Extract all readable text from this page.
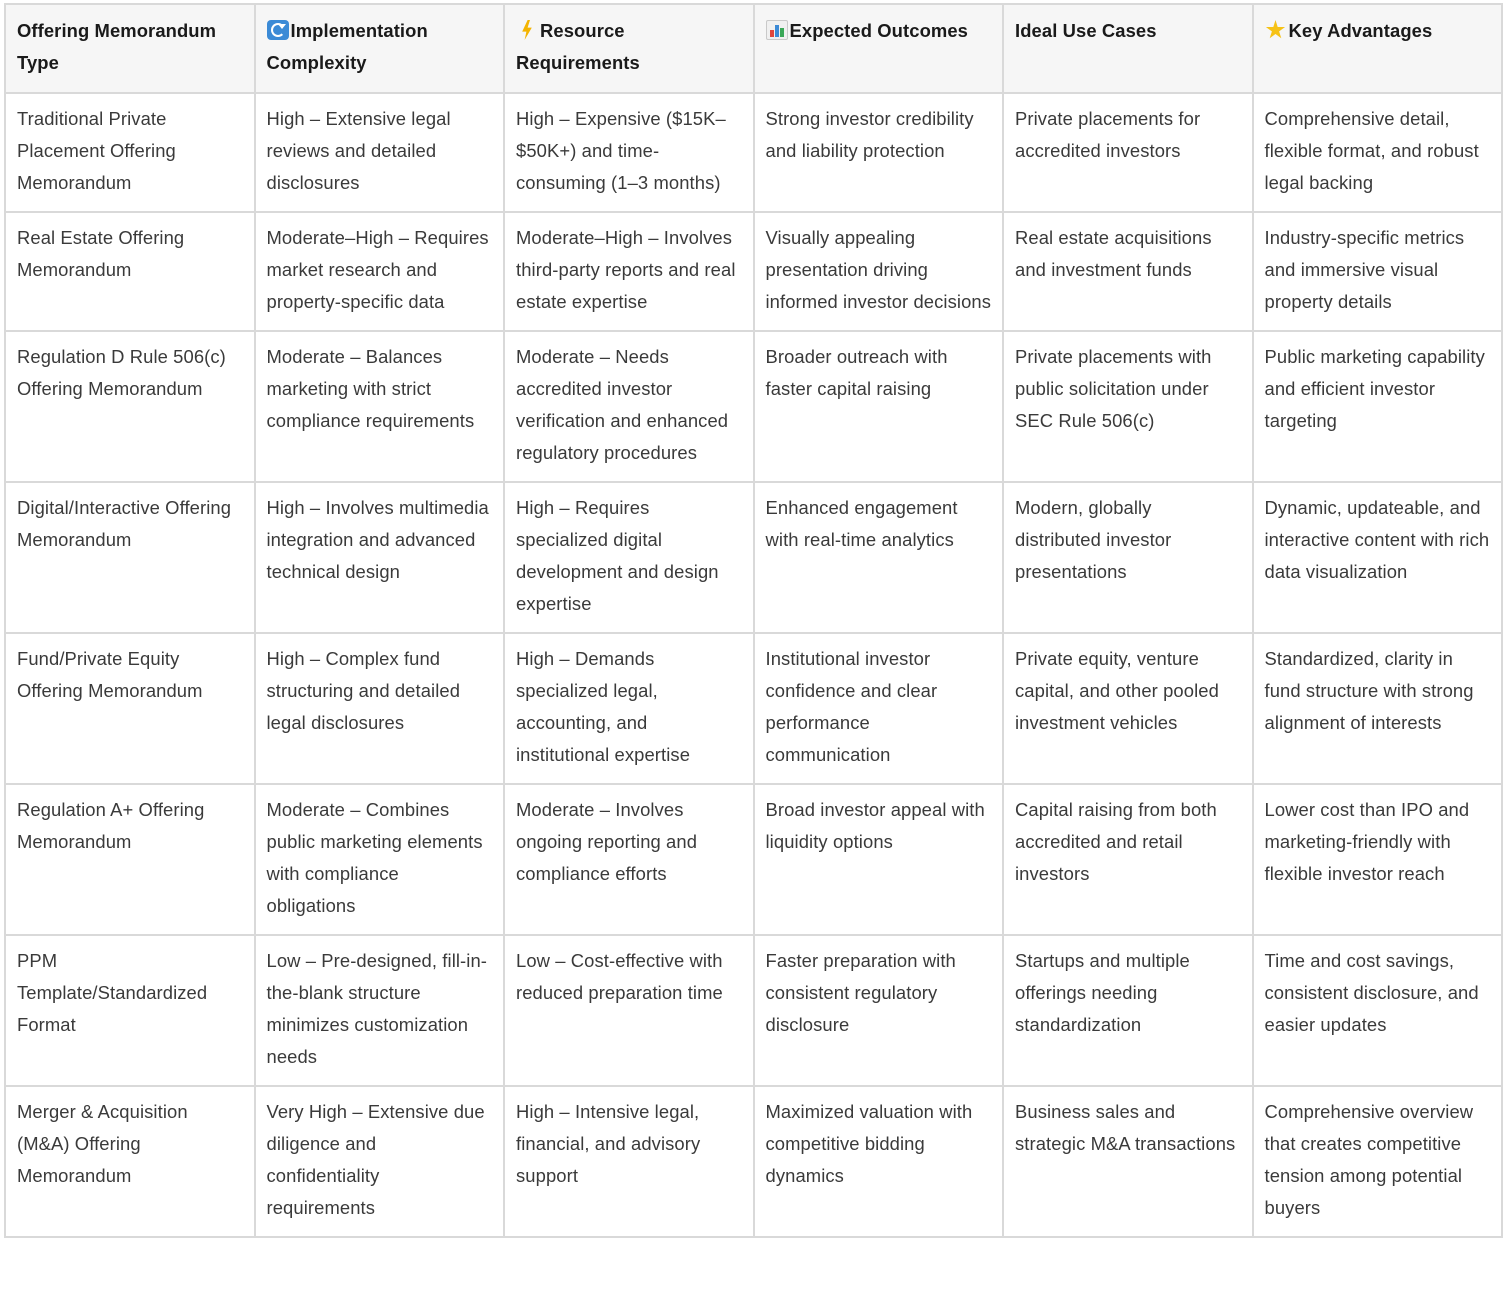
Offering Memorandum Type	Implementation Complexity	Resource Requirements	Expected Outcomes	Ideal Use Cases	Key Advantages
Traditional Private Placement Offering Memorandum	High – Extensive legal reviews and detailed disclosures	High – Expensive ($15K–$50K+) and time-consuming (1–3 months)	Strong investor credibility and liability protection	Private placements for accredited investors	Comprehensive detail, flexible format, and robust legal backing
Real Estate Offering Memorandum	Moderate–High – Requires market research and property-specific data	Moderate–High – Involves third-party reports and real estate expertise	Visually appealing presentation driving informed investor decisions	Real estate acquisitions and investment funds	Industry-specific metrics and immersive visual property details
Regulation D Rule 506(c) Offering Memorandum	Moderate – Balances marketing with strict compliance requirements	Moderate – Needs accredited investor verification and enhanced regulatory procedures	Broader outreach with faster capital raising	Private placements with public solicitation under SEC Rule 506(c)	Public marketing capability and efficient investor targeting
Digital/Interactive Offering Memorandum	High – Involves multimedia integration and advanced technical design	High – Requires specialized digital development and design expertise	Enhanced engagement with real-time analytics	Modern, globally distributed investor presentations	Dynamic, updateable, and interactive content with rich data visualization
Fund/Private Equity Offering Memorandum	High – Complex fund structuring and detailed legal disclosures	High – Demands specialized legal, accounting, and institutional expertise	Institutional investor confidence and clear performance communication	Private equity, venture capital, and other pooled investment vehicles	Standardized, clarity in fund structure with strong alignment of interests
Regulation A+ Offering Memorandum	Moderate – Combines public marketing elements with compliance obligations	Moderate – Involves ongoing reporting and compliance efforts	Broad investor appeal with liquidity options	Capital raising from both accredited and retail investors	Lower cost than IPO and marketing-friendly with flexible investor reach
PPM Template/Standardized Format	Low – Pre-designed, fill-in-the-blank structure minimizes customization needs	Low – Cost-effective with reduced preparation time	Faster preparation with consistent regulatory disclosure	Startups and multiple offerings needing standardization	Time and cost savings, consistent disclosure, and easier updates
Merger & Acquisition (M&A) Offering Memorandum	Very High – Extensive due diligence and confidentiality requirements	High – Intensive legal, financial, and advisory support	Maximized valuation with competitive bidding dynamics	Business sales and strategic M&A transactions	Comprehensive overview that creates competitive tension among potential buyers
